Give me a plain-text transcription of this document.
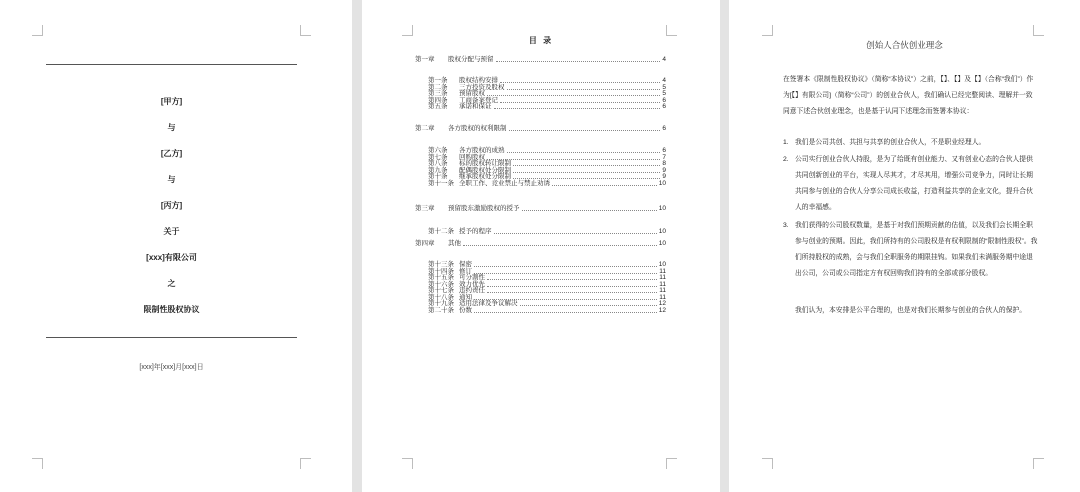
[甲方]
与
[乙方]
与
[丙方]
关于
[xxx]有限公司
之
限制性股权协议
[xxx]年[xxx]月[xxx]日
目 录
第一章	股权分配与预留	4
第一条	股权结构安排	4
第二条	三方投资及股权	5
第三条	预留股权	5
第四条	工商备案登记	6
第五条	承诺和保证	6
第二章	各方股权的权利限制	6
第六条	各方股权的成熟	6
第七条	回购股权	7
第八条	标的股权转让限制	8
第九条	配偶股权处分限制	9
第十条	继承股权处分限制	9
第十一条 全职工作、竞业禁止与禁止劝诱	10
第三章	预留股东激励股权的授予	10
第十二条 授予的程序	10
第四章	其他	10
第十三条 保密	10
第十四条 修订	11
第十五条 可分割性	11
第十六条 效力优先	11
第十七条 违约责任	11
第十八条 通知	11
第十九条 适用法律及争议解决	12
第二十条 份数	12
创始人合伙创业理念
在签署本《限制性股权协议》（简称“本协议”）之前，【】、【】及【】（合称“我们”）作为[【】有限公司]（简称“公司”）的创业合伙人，我们确认已经完整阅读、理解并一致同意下述合伙创业理念，也是基于认同下述理念而签署本协议：
1. 我们是公司共创、共担与共享的创业合伙人，不是职业经理人。
2. 公司实行创业合伙人持股，是为了给既有创业能力、又有创业心态的合伙人提供共同创新创业的平台，实现人尽其才，才尽其用，增强公司竞争力，同时让长期共同参与创业的合伙人分享公司成长收益，打造利益共享的企业文化，提升合伙人的幸福感。
3. 我们获得的公司股权数量，是基于对我们预期贡献的估值，以及我们会长期全职参与创业的预期。因此，我们所持有的公司股权是有权利限制的“限制性股权”。我们所持股权的成熟，会与我们全职服务的期限挂钩。如果我们未满服务期中途退出公司，公司或公司指定方有权回购我们持有的全部或部分股权。
我们认为，本安排是公平合理的，也是对我们长期参与创业的合伙人的保护。
